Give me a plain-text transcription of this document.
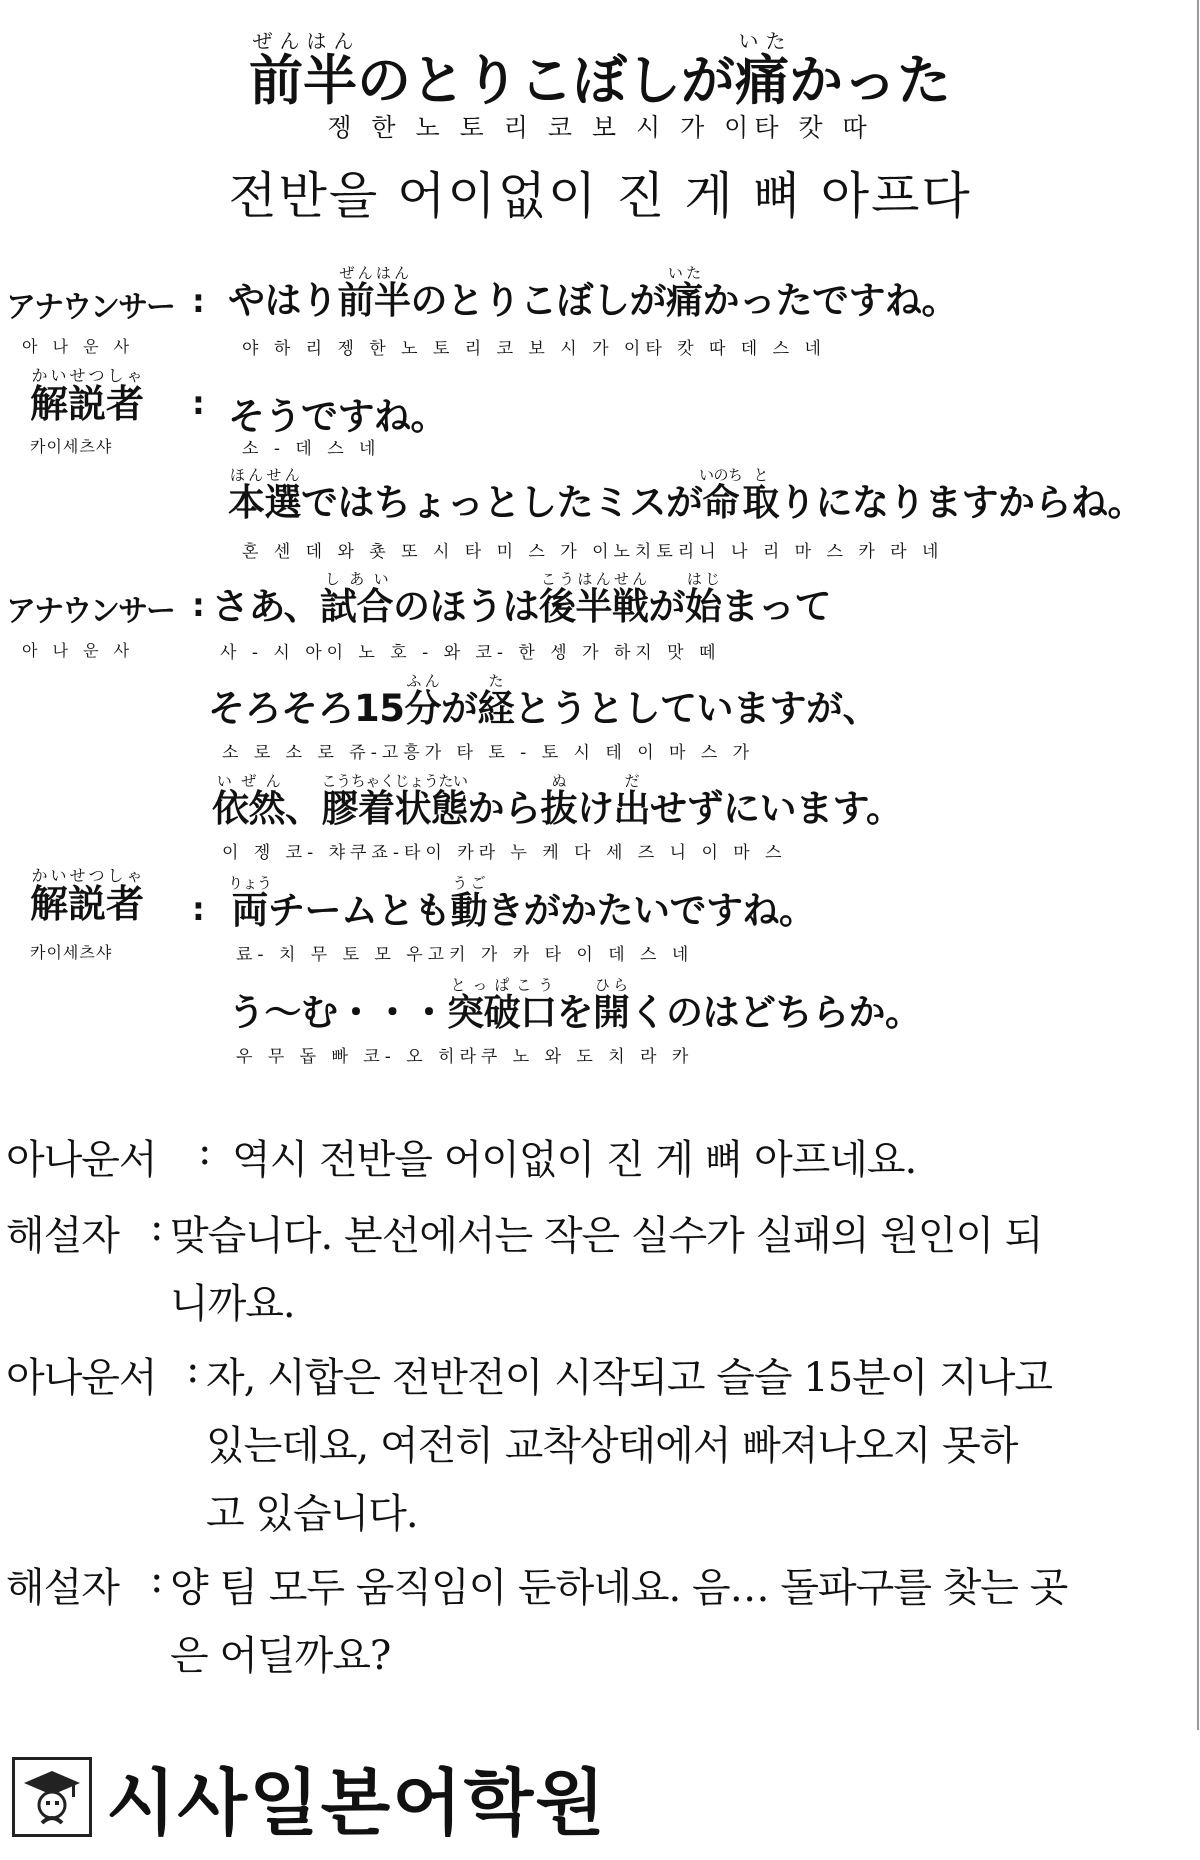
前半ぜんはんのとりこぼしが痛いたかった
젱 한 노 토 리 코 보 시 가 이타 캇 따
전반을 어이없이 진 게 뼈 아프다
アナウンサー
아 나 운 사
: やはり前半ぜんはんのとりこぼしが痛いたかったですね。
야 하 리 젱 한 노 토 리 코 보 시 가 이타 캇 따 데 스 네
解説者かいせつしゃ
카이세츠샤
: そうですね。
소 - 데 스 네
本選ほんせんではちょっとしたミスが命いのち取とりになりますからね。
혼 센 데 와 춋 또 시 타 미 스 가 이노치토리니 나 리 마 스 카 라 네
アナウンサー
아 나 운 사
: さあ、試合しあいのほうは後半戦こうはんせんが始はじまって
사 - 시 아이 노 호 - 와 코- 한 셍 가 하지 맛 떼
そろそろ15分ふんが経たとうとしていますが、
소 로 소 로 쥬-고흥가 타 토 - 토 시 테 이 마 스 가
依然いぜん、膠着状態こうちゃくじょうたいから抜ぬけ出だせずにいます。
이 젱 코- 챠쿠죠-타이 카라 누 케 다 세 즈 니 이 마 스
解説者かいせつしゃ
카이세츠샤
: 両りょうチームとも動うごきがかたいですね。
료- 치 무 토 모 우고키 가 카 타 이 데 스 네
う～む・・・突破口とっぱこうを開ひらくのはどちらか。
우 무 돕 빠 코- 오 히라쿠 노 와 도 치 라 카
아나운서 : 역시 전반을 어이없이 진 게 뼈 아프네요.
해설자 : 맞습니다. 본선에서는 작은 실수가 실패의 원인이 되
니까요.
아나운서 : 자, 시합은 전반전이 시작되고 슬슬 15분이 지나고
있는데요, 여전히 교착상태에서 빠져나오지 못하
고 있습니다.
해설자 : 양 팀 모두 움직임이 둔하네요. 음… 돌파구를 찾는 곳
은 어딜까요?
시사일본어학원
